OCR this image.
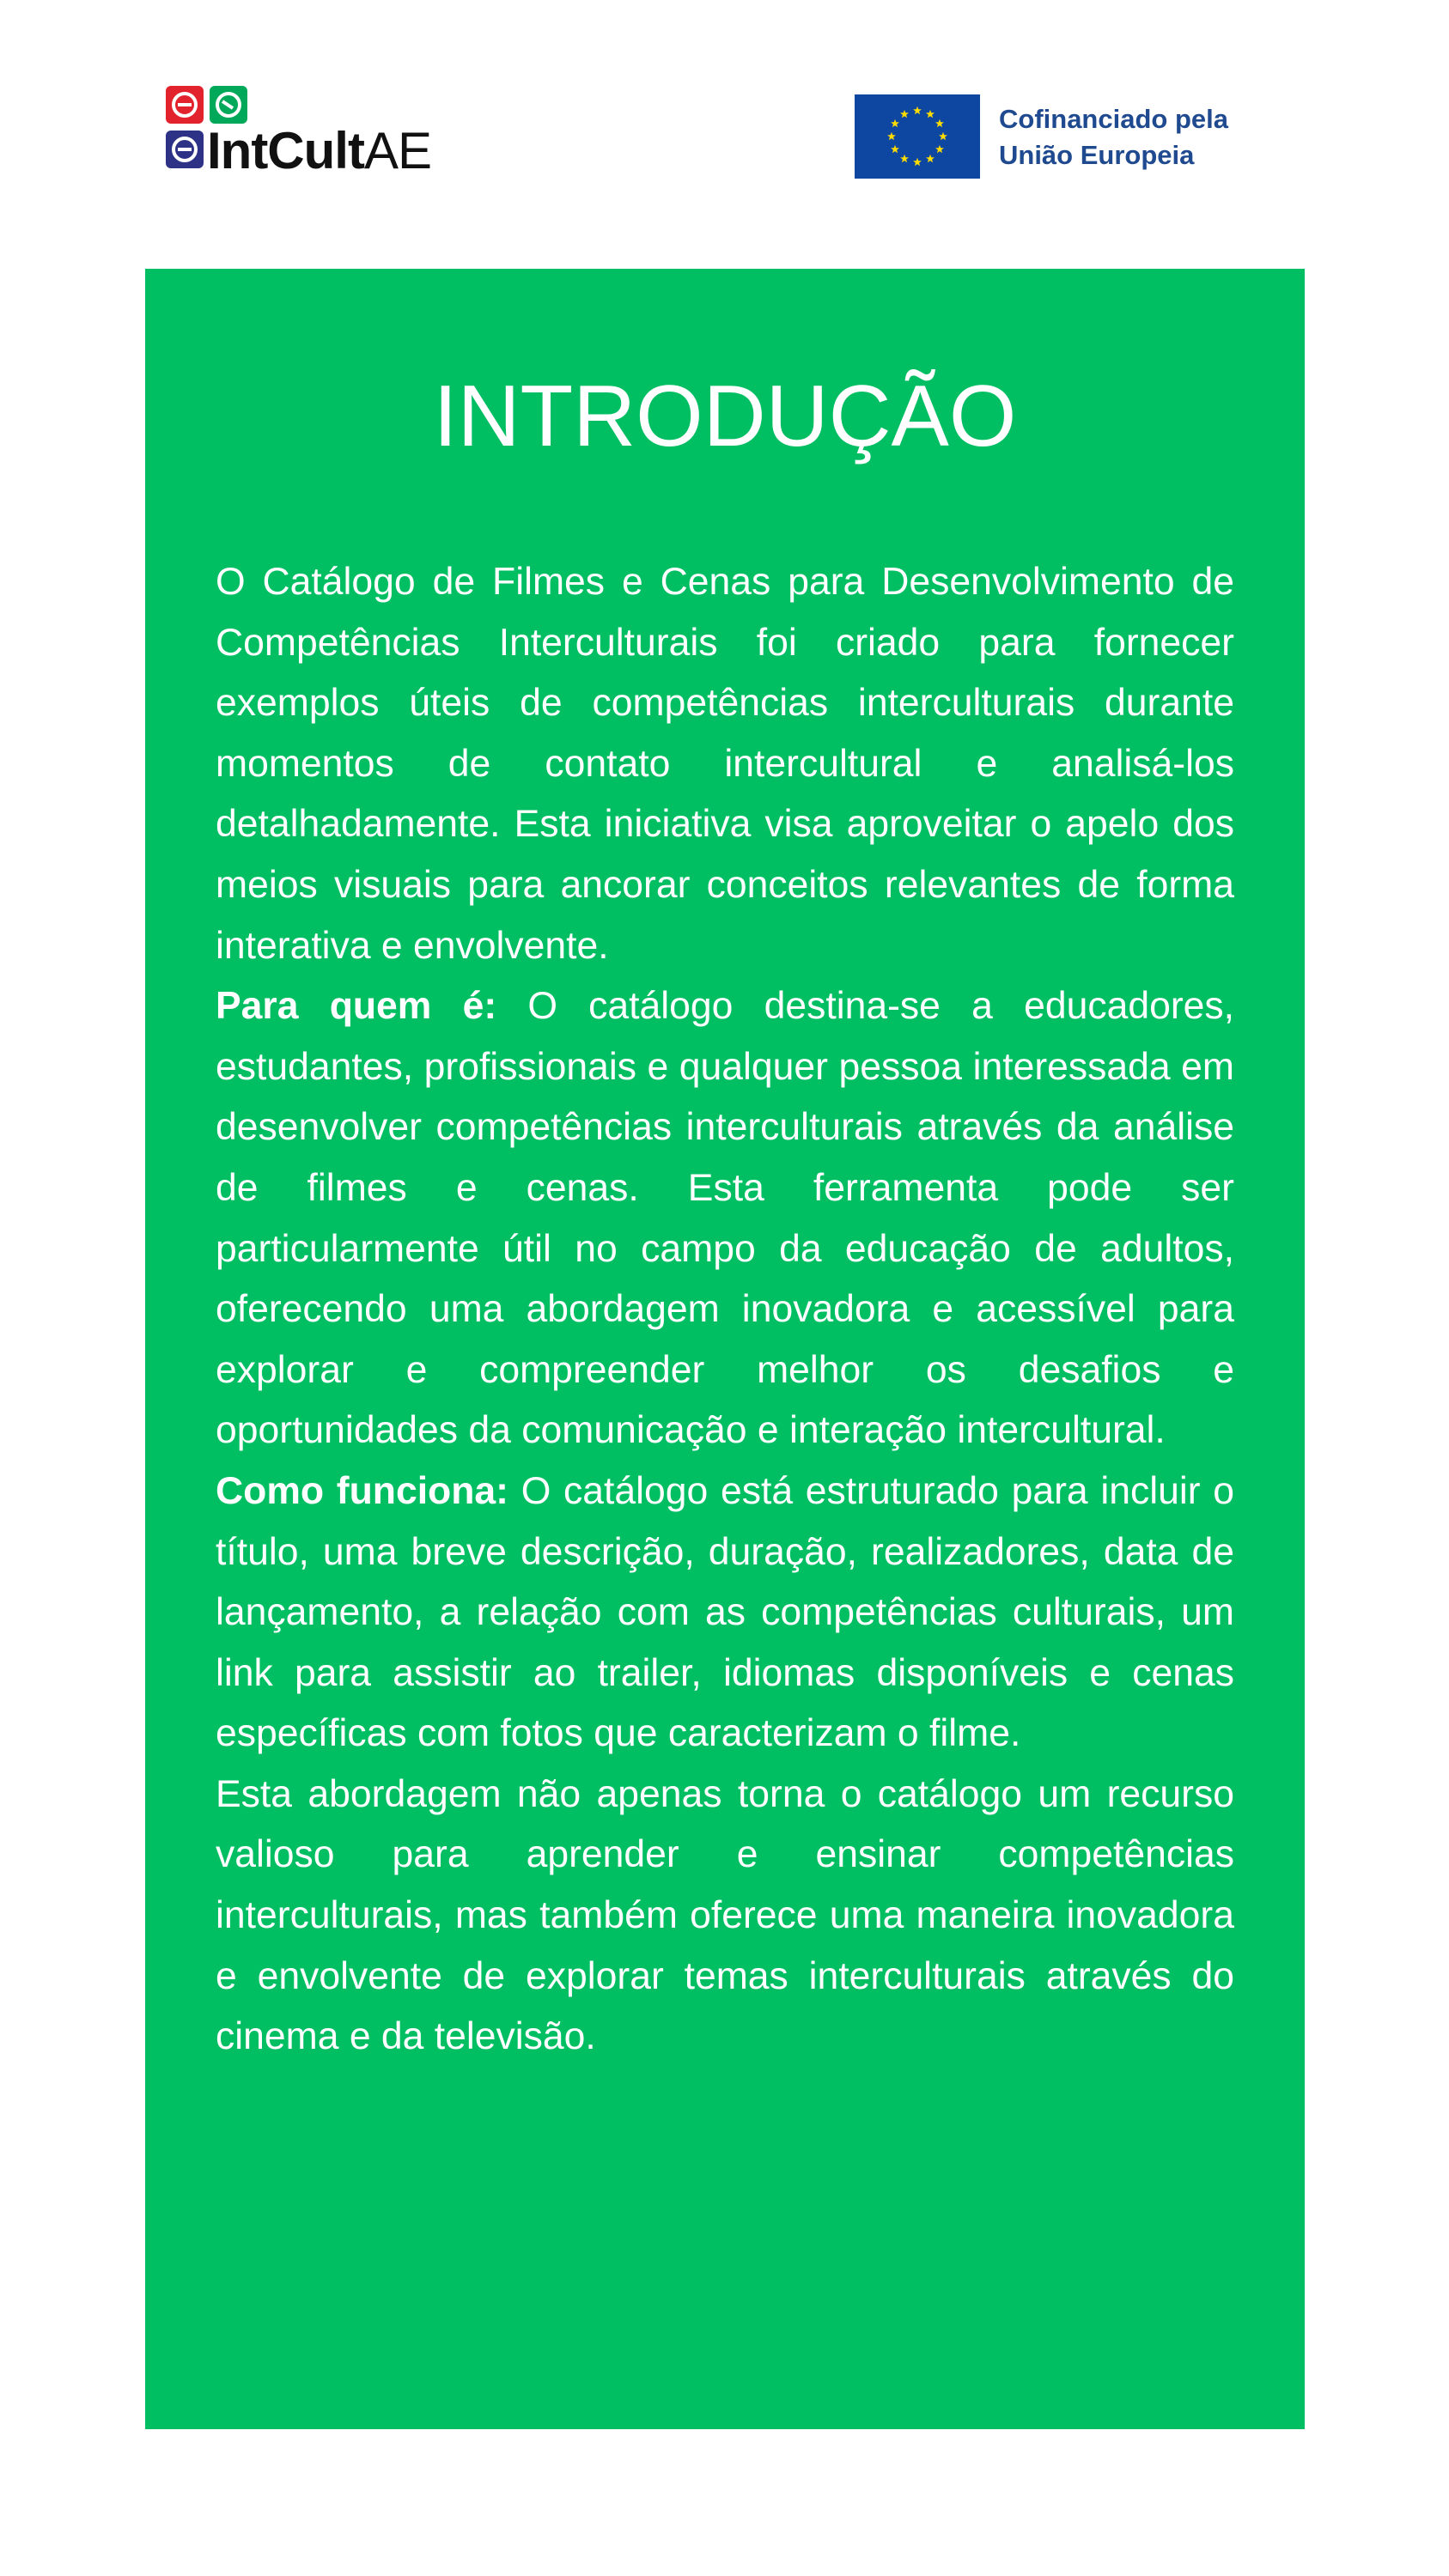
IntCultAE
Cofinanciado pela
União Europeia
INTRODUÇÃO

O Catálogo de Filmes e Cenas para Desenvolvimento de Competências Interculturais foi criado para fornecer exemplos úteis de competências interculturais durante momentos de contato intercultural e analisá-los detalhadamente. Esta iniciativa visa aproveitar o apelo dos meios visuais para ancorar conceitos relevantes de forma interativa e envolvente.

Para quem é: O catálogo destina-se a educadores, estudantes, profissionais e qualquer pessoa interessada em desenvolver competências interculturais através da análise de filmes e cenas. Esta ferramenta pode ser particularmente útil no campo da educação de adultos, oferecendo uma abordagem inovadora e acessível para explorar e compreender melhor os desafios e oportunidades da comunicação e interação intercultural.

Como funciona: O catálogo está estruturado para incluir o título, uma breve descrição, duração, realizadores, data de lançamento, a relação com as competências culturais, um link para assistir ao trailer, idiomas disponíveis e cenas específicas com fotos que caracterizam o filme.

Esta abordagem não apenas torna o catálogo um recurso valioso para aprender e ensinar competências interculturais, mas também oferece uma maneira inovadora e envolvente de explorar temas interculturais através do cinema e da televisão.
